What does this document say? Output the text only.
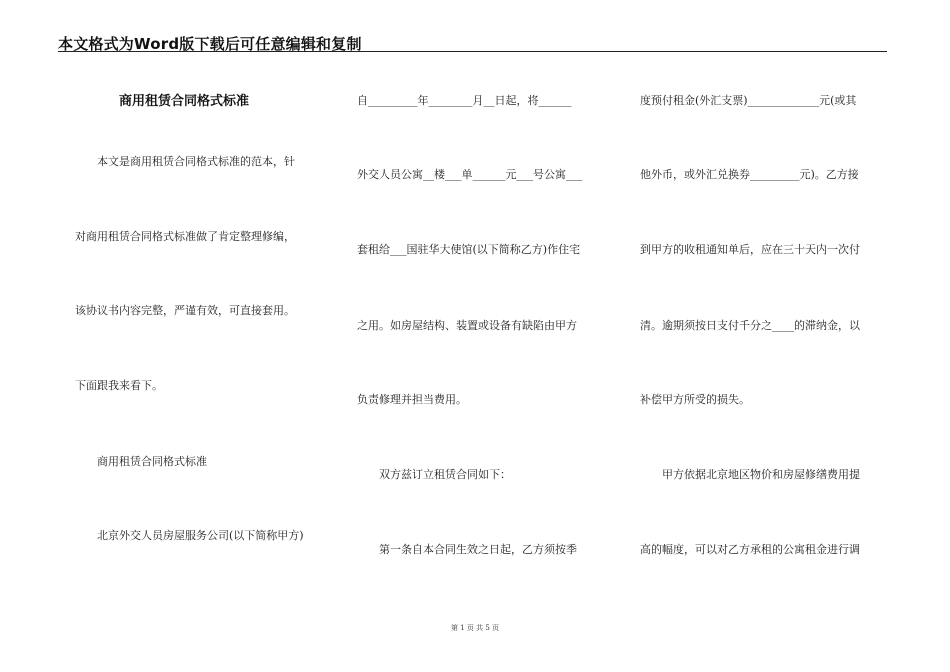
本文格式为Word版下载后可任意编辑和复制
商用租赁合同格式标准
　　本文是商用租赁合同格式标准的范本，针
对商用租赁合同格式标准做了肯定整理修编，
该协议书内容完整，严谨有效，可直接套用。
下面跟我来看下。
　　商用租赁合同格式标准
　　北京外交人员房屋服务公司(以下简称甲方)
自_________年________月__日起，将______
外交人员公寓__楼___单______元___号公寓___
套租给___国驻华大使馆(以下简称乙方)作住宅
之用。如房屋结构、装置或设备有缺陷由甲方
负责修理并担当费用。
　　双方兹订立租赁合同如下：
　　第一条自本合同生效之日起，乙方须按季
度预付租金(外汇支票)_____________元(或其
他外币，或外汇兑换券_________元)。乙方接
到甲方的收租通知单后，应在三十天内一次付
清。逾期须按日支付千分之____的滞纳金，以
补偿甲方所受的损失。
　　甲方依据北京地区物价和房屋修缮费用提
高的幅度，可以对乙方承租的公寓租金进行调
第 1 页 共 5 页
